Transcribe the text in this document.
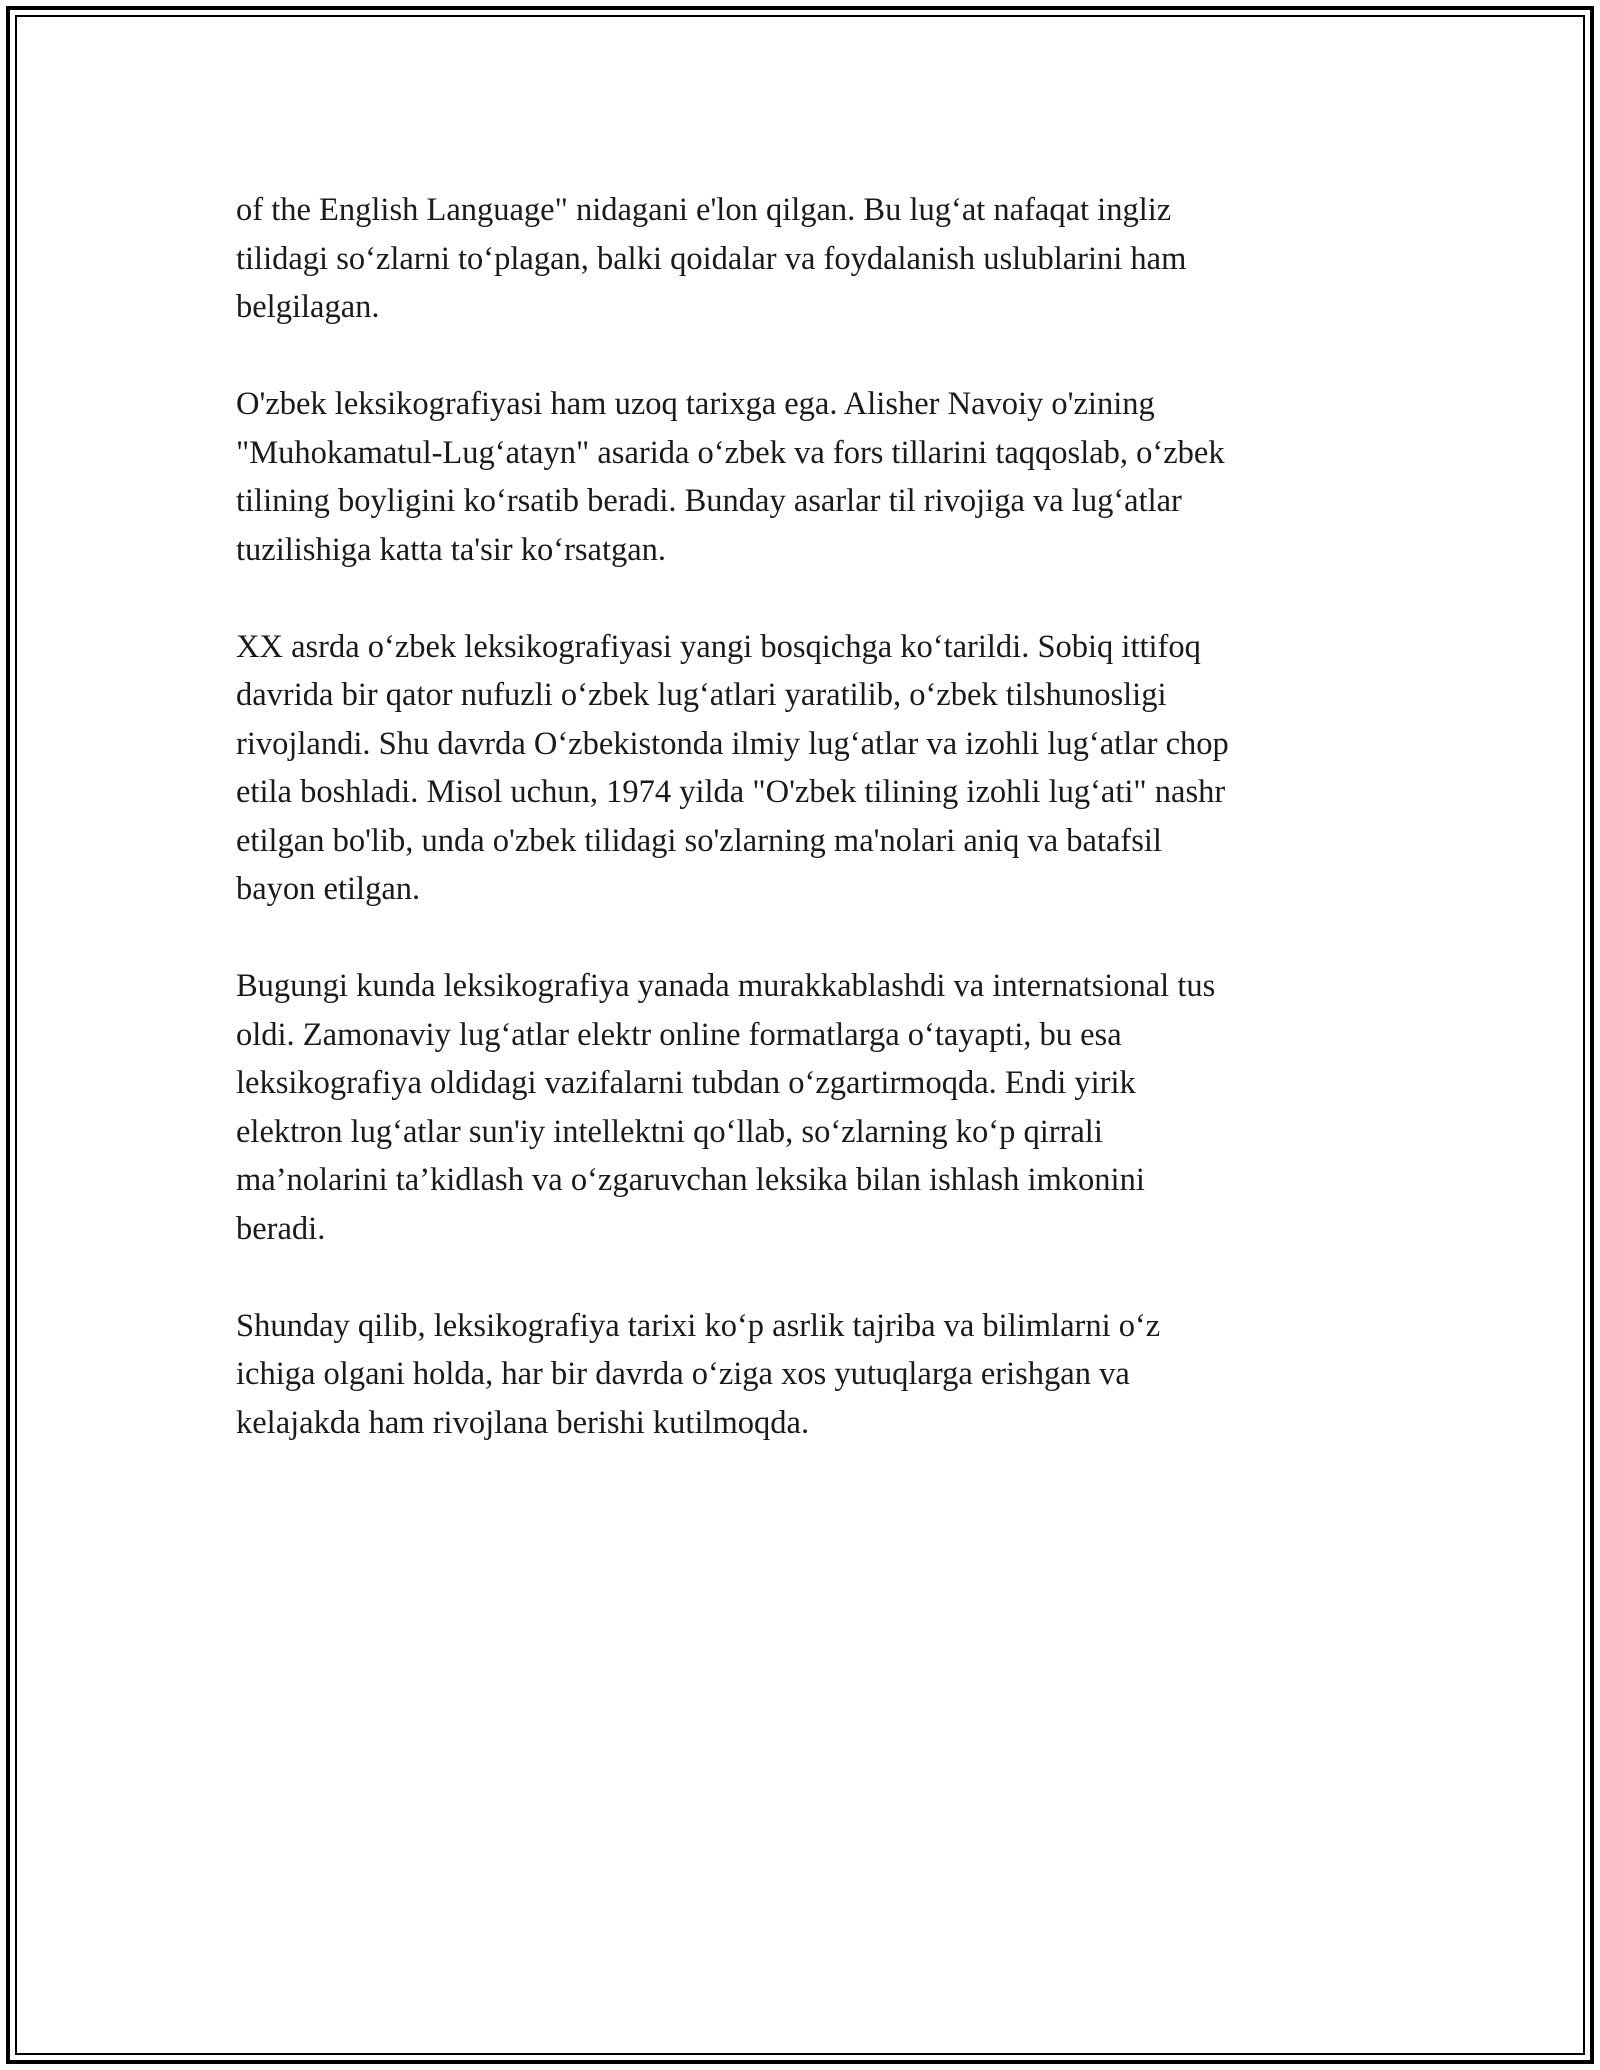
of the English Language" nidagani e'lon qilgan. Bu lug‘at nafaqat ingliz
tilidagi so‘zlarni to‘plagan, balki qoidalar va foydalanish uslublarini ham
belgilagan.

O'zbek leksikografiyasi ham uzoq tarixga ega. Alisher Navoiy o'zining
"Muhokamatul-Lug‘atayn" asarida o‘zbek va fors tillarini taqqoslab, o‘zbek
tilining boyligini ko‘rsatib beradi. Bunday asarlar til rivojiga va lug‘atlar
tuzilishiga katta ta'sir ko‘rsatgan.

XX asrda o‘zbek leksikografiyasi yangi bosqichga ko‘tarildi. Sobiq ittifoq
davrida bir qator nufuzli o‘zbek lug‘atlari yaratilib, o‘zbek tilshunosligi
rivojlandi. Shu davrda O‘zbekistonda ilmiy lug‘atlar va izohli lug‘atlar chop
etila boshladi. Misol uchun, 1974 yilda "O'zbek tilining izohli lug‘ati" nashr
etilgan bo'lib, unda o'zbek tilidagi so'zlarning ma'nolari aniq va batafsil
bayon etilgan.

Bugungi kunda leksikografiya yanada murakkablashdi va internatsional tus
oldi. Zamonaviy lug‘atlar elektr online formatlarga o‘tayapti, bu esa
leksikografiya oldidagi vazifalarni tubdan o‘zgartirmoqda. Endi yirik
elektron lug‘atlar sun'iy intellektni qo‘llab, so‘zlarning ko‘p qirrali
ma’nolarini ta’kidlash va o‘zgaruvchan leksika bilan ishlash imkonini
beradi.

Shunday qilib, leksikografiya tarixi ko‘p asrlik tajriba va bilimlarni o‘z
ichiga olgani holda, har bir davrda o‘ziga xos yutuqlarga erishgan va
kelajakda ham rivojlana berishi kutilmoqda.
